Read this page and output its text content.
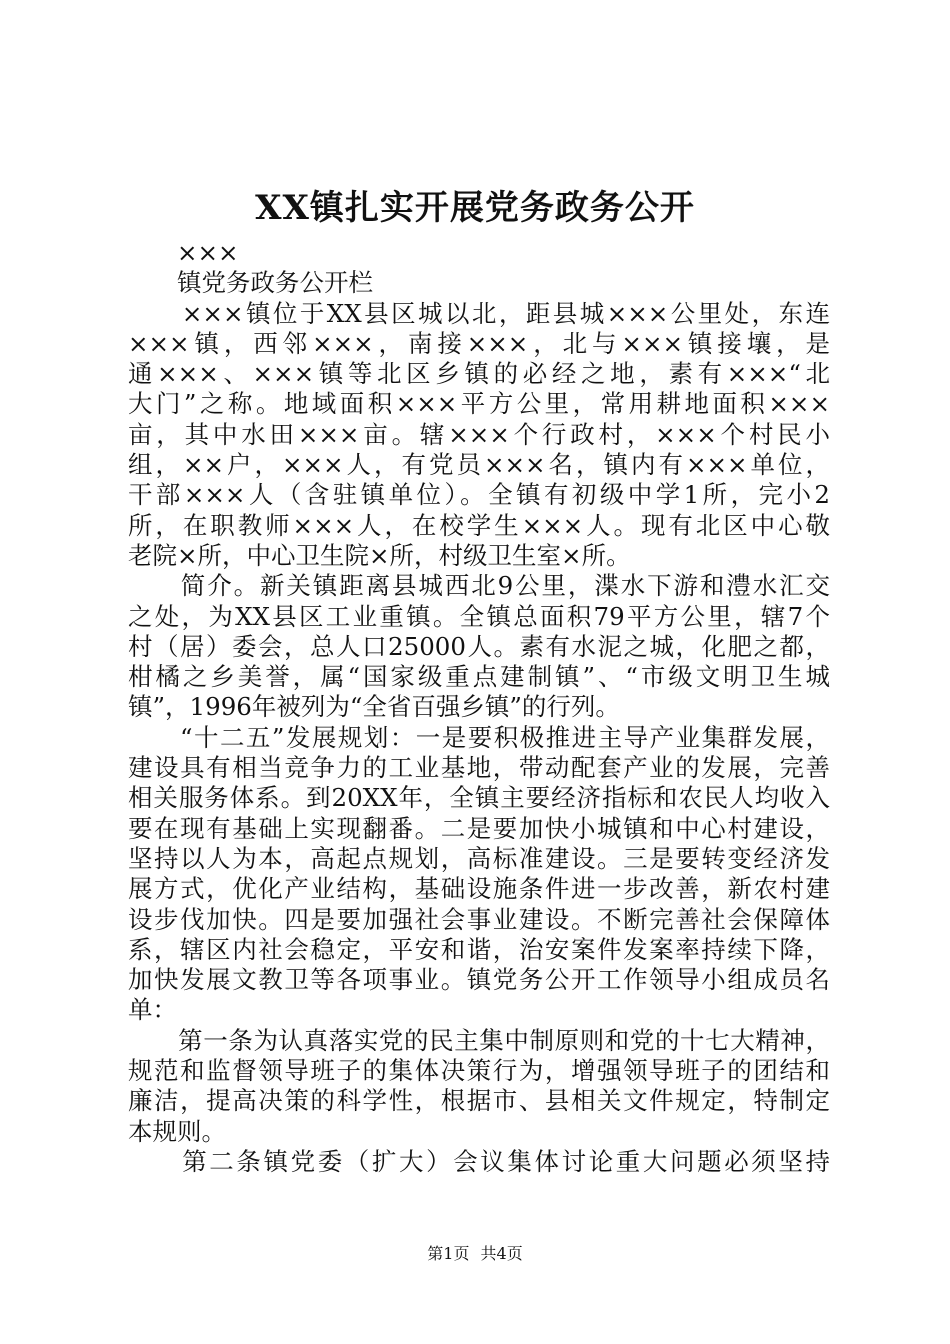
XX镇扎实开展党务政务公开
　　×××
　　镇党务政务公开栏
　　×××镇位于XX县区城以北，距县城×××公里处，东连
×××镇，西邻×××，南接×××，北与×××镇接壤，是
通×××、×××镇等北区乡镇的必经之地，素有×××“北
大门”之称。地域面积×××平方公里，常用耕地面积×××
亩，其中水田×××亩。辖×××个行政村，×××个村民小
组，××户，×××人，有党员×××名，镇内有×××单位，
干部×××人（含驻镇单位）。全镇有初级中学1所，完小2
所，在职教师×××人，在校学生×××人。现有北区中心敬
老院×所，中心卫生院×所，村级卫生室×所。
　　简介。新关镇距离县城西北9公里，渫水下游和澧水汇交
之处，为XX县区工业重镇。全镇总面积79平方公里，辖7个
村（居）委会，总人口25000人。素有水泥之城，化肥之都，
柑橘之乡美誉，属“国家级重点建制镇”、“市级文明卫生城
镇”，1996年被列为“全省百强乡镇”的行列。
　　“十二五”发展规划：一是要积极推进主导产业集群发展，
建设具有相当竞争力的工业基地，带动配套产业的发展，完善
相关服务体系。到20XX年，全镇主要经济指标和农民人均收入
要在现有基础上实现翻番。二是要加快小城镇和中心村建设，
坚持以人为本，高起点规划，高标准建设。三是要转变经济发
展方式，优化产业结构，基础设施条件进一步改善，新农村建
设步伐加快。四是要加强社会事业建设。不断完善社会保障体
系，辖区内社会稳定，平安和谐，治安案件发案率持续下降，
加快发展文教卫等各项事业。镇党务公开工作领导小组成员名
单：
　　第一条为认真落实党的民主集中制原则和党的十七大精神，
规范和监督领导班子的集体决策行为，增强领导班子的团结和
廉洁，提高决策的科学性，根据市、县相关文件规定，特制定
本规则。
　　第二条镇党委（扩大）会议集体讨论重大问题必须坚持
第1页 共4页
